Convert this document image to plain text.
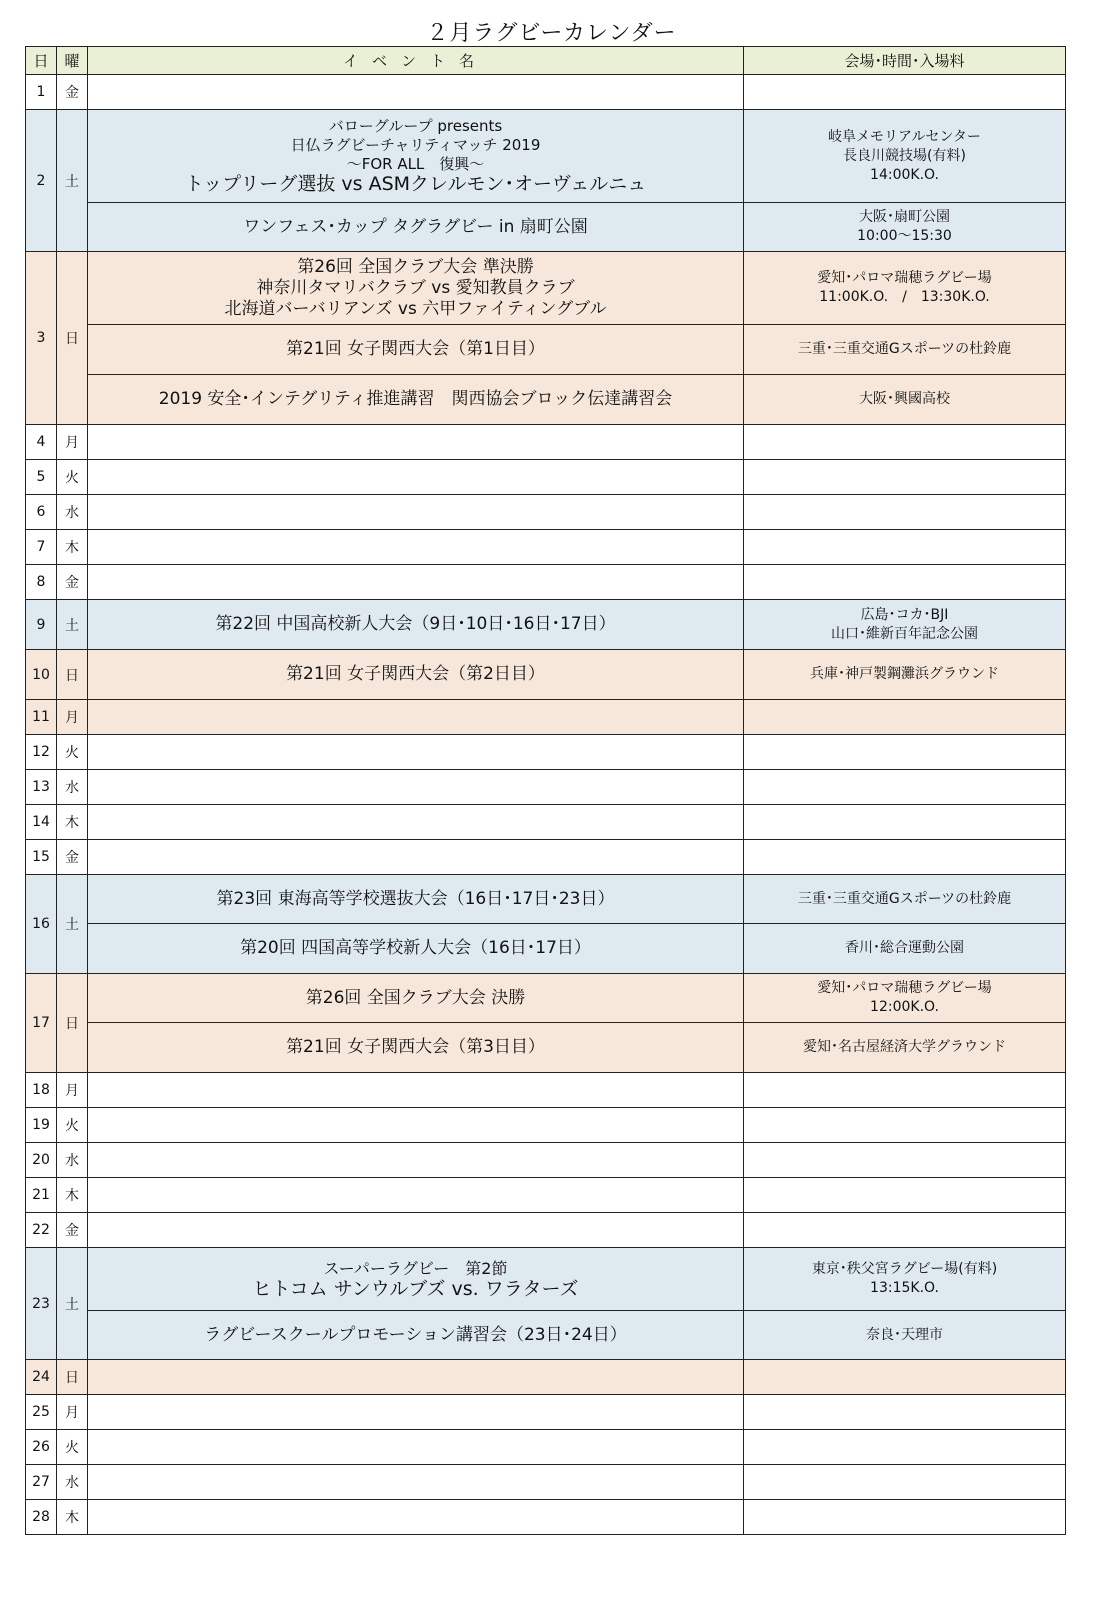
２月ラグビーカレンダー
日	曜	イベント名	会場･時間･入場料
1	金		
2	土	バローグループ presents
日仏ラグビーチャリティマッチ 2019
～FOR ALL　復興～
トップリーグ選抜 vs ASMクレルモン･オーヴェルニュ	岐阜メモリアルセンター
長良川競技場(有料)
14:00K.O.

		ワンフェス･カップ タグラグビー in 扇町公園	大阪･扇町公園
10:00～15:30

3	日	第26回 全国クラブ大会 準決勝
神奈川タマリバクラブ vs 愛知教員クラブ
北海道バーバリアンズ vs 六甲ファイティングブル	愛知･パロマ瑞穂ラグビー場
11:00K.O.　/　13:30K.O.

		第21回 女子関西大会（第1日目）	三重･三重交通Gスポーツの杜鈴鹿
		2019 安全･インテグリティ推進講習　関西協会ブロック伝達講習会	大阪･興國高校
4	月		
5	火		
6	水		
7	木		
8	金		
9	土	第22回 中国高校新人大会（9日･10日･16日･17日）	広島･コカ･BJI
山口･維新百年記念公園

10	日	第21回 女子関西大会（第2日目）	兵庫･神戸製鋼灘浜グラウンド
11	月		
12	火		
13	水		
14	木		
15	金		
16	土	第23回 東海高等学校選抜大会（16日･17日･23日）	三重･三重交通Gスポーツの杜鈴鹿
		第20回 四国高等学校新人大会（16日･17日）	香川･総合運動公園
17	日	第26回 全国クラブ大会 決勝	愛知･パロマ瑞穂ラグビー場
12:00K.O.

		第21回 女子関西大会（第3日目）	愛知･名古屋経済大学グラウンド
18	月		
19	火		
20	水		
21	木		
22	金		
23	土	スーパーラグビー　第2節
ヒトコム サンウルブズ vs. ワラターズ	東京･秩父宮ラグビー場(有料)
13:15K.O.

		ラグビースクールプロモーション講習会（23日･24日）	奈良･天理市
24	日		
25	月		
26	火		
27	水		
28	木		
